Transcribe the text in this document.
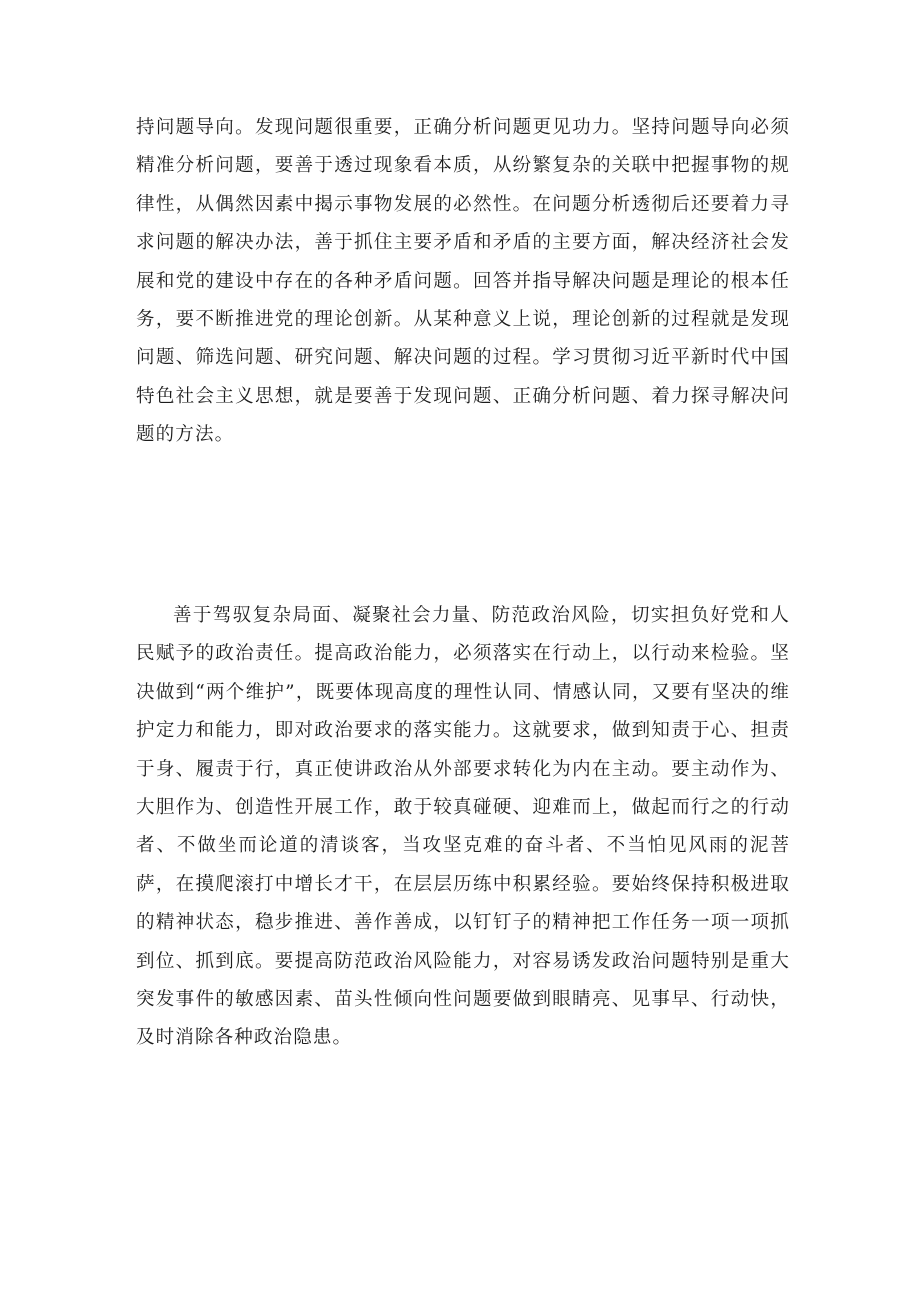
持问题导向。发现问题很重要，正确分析问题更见功力。坚持问题导向必须精准分析问题，要善于透过现象看本质，从纷繁复杂的关联中把握事物的规律性，从偶然因素中揭示事物发展的必然性。在问题分析透彻后还要着力寻求问题的解决办法，善于抓住主要矛盾和矛盾的主要方面，解决经济社会发展和党的建设中存在的各种矛盾问题。回答并指导解决问题是理论的根本任务，要不断推进党的理论创新。从某种意义上说，理论创新的过程就是发现问题、筛选问题、研究问题、解决问题的过程。学习贯彻习近平新时代中国特色社会主义思想，就是要善于发现问题、正确分析问题、着力探寻解决问题的方法。

善于驾驭复杂局面、凝聚社会力量、防范政治风险，切实担负好党和人民赋予的政治责任。提高政治能力，必须落实在行动上，以行动来检验。坚决做到“两个维护”，既要体现高度的理性认同、情感认同，又要有坚决的维护定力和能力，即对政治要求的落实能力。这就要求，做到知责于心、担责于身、履责于行，真正使讲政治从外部要求转化为内在主动。要主动作为、大胆作为、创造性开展工作，敢于较真碰硬、迎难而上，做起而行之的行动者、不做坐而论道的清谈客，当攻坚克难的奋斗者、不当怕见风雨的泥菩萨，在摸爬滚打中增长才干，在层层历练中积累经验。要始终保持积极进取的精神状态，稳步推进、善作善成，以钉钉子的精神把工作任务一项一项抓到位、抓到底。要提高防范政治风险能力，对容易诱发政治问题特别是重大突发事件的敏感因素、苗头性倾向性问题要做到眼睛亮、见事早、行动快，及时消除各种政治隐患。
